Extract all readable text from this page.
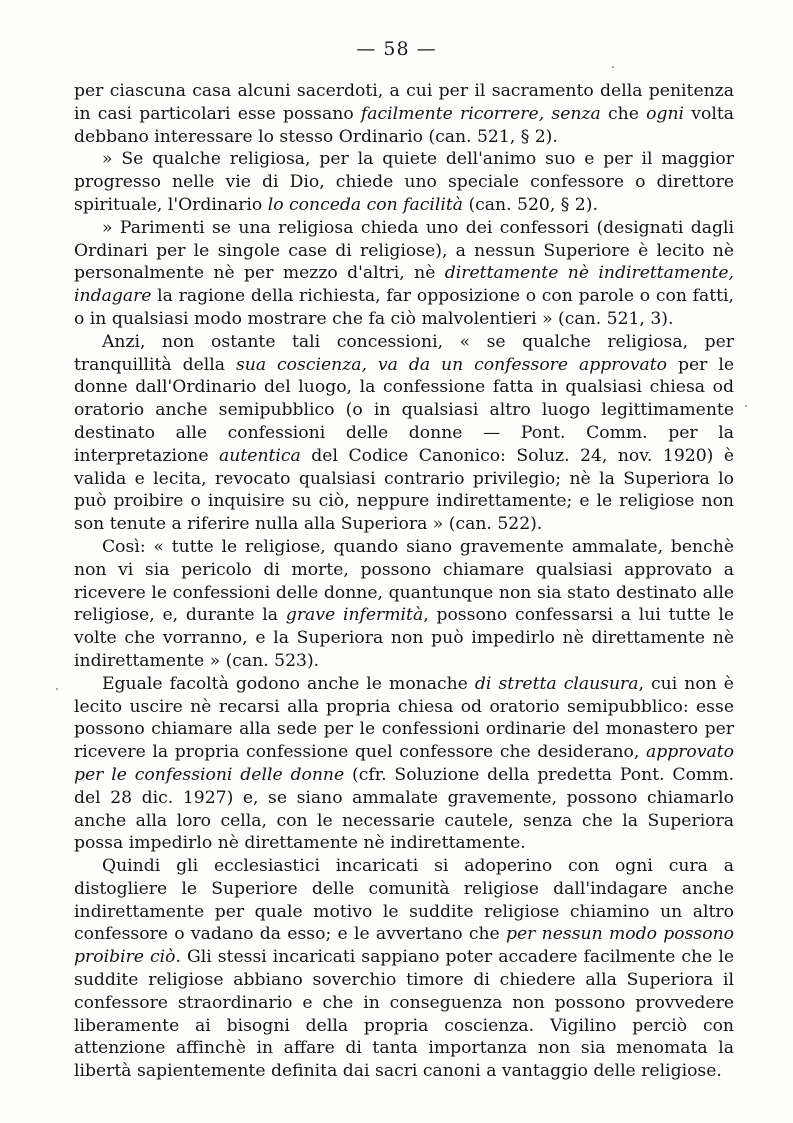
— 58 —

per ciascuna casa alcuni sacerdoti, a cui per il sacramento della penitenza in casi particolari esse possano facilmente ricorrere, senza che ogni volta debbano interessare lo stesso Ordinario (can. 521, § 2).

» Se qualche religiosa, per la quiete dell'animo suo e per il maggior progresso nelle vie di Dio, chiede uno speciale confessore o direttore spirituale, l'Ordinario lo conceda con facilità (can. 520, § 2).

» Parimenti se una religiosa chieda uno dei confessori (designati dagli Ordinari per le singole case di religiose), a nessun Superiore è lecito nè personalmente nè per mezzo d'altri, nè direttamente nè indirettamente, indagare la ragione della richiesta, far opposizione o con parole o con fatti, o in qualsiasi modo mostrare che fa ciò malvolentieri » (can. 521, 3).

Anzi, non ostante tali concessioni, « se qualche religiosa, per tranquillità della sua coscienza, va da un confessore approvato per le donne dall'Ordinario del luogo, la confessione fatta in qualsiasi chiesa od oratorio anche semipubblico (o in qualsiasi altro luogo legittimamente destinato alle confessioni delle donne — Pont. Comm. per la interpretazione autentica del Codice Canonico: Soluz. 24, nov. 1920) è valida e lecita, revocato qualsiasi contrario privilegio; nè la Superiora lo può proibire o inquisire su ciò, neppure indirettamente; e le religiose non son tenute a riferire nulla alla Superiora » (can. 522).

Così: « tutte le religiose, quando siano gravemente ammalate, benchè non vi sia pericolo di morte, possono chiamare qualsiasi approvato a ricevere le confessioni delle donne, quantunque non sia stato destinato alle religiose, e, durante la grave infermità, possono confessarsi a lui tutte le volte che vorranno, e la Superiora non può impedirlo nè direttamente nè indirettamente » (can. 523).

Eguale facoltà godono anche le monache di stretta clausura, cui non è lecito uscire nè recarsi alla propria chiesa od oratorio semipubblico: esse possono chiamare alla sede per le confessioni ordinarie del monastero per ricevere la propria confessione quel confessore che desiderano, approvato per le confessioni delle donne (cfr. Soluzione della predetta Pont. Comm. del 28 dic. 1927) e, se siano ammalate gravemente, possono chiamarlo anche alla loro cella, con le necessarie cautele, senza che la Superiora possa impedirlo nè direttamente nè indirettamente.

Quindi gli ecclesiastici incaricati si adoperino con ogni cura a distogliere le Superiore delle comunità religiose dall'indagare anche indirettamente per quale motivo le suddite religiose chiamino un altro confessore o vadano da esso; e le avvertano che per nessun modo possono proibire ciò. Gli stessi incaricati sappiano poter accadere facilmente che le suddite religiose abbiano soverchio timore di chiedere alla Superiora il confessore straordinario e che in conseguenza non possono provvedere liberamente ai bisogni della propria coscienza. Vigilino perciò con attenzione affinchè in affare di tanta importanza non sia menomata la libertà sapientemente definita dai sacri canoni a vantaggio delle religiose.
